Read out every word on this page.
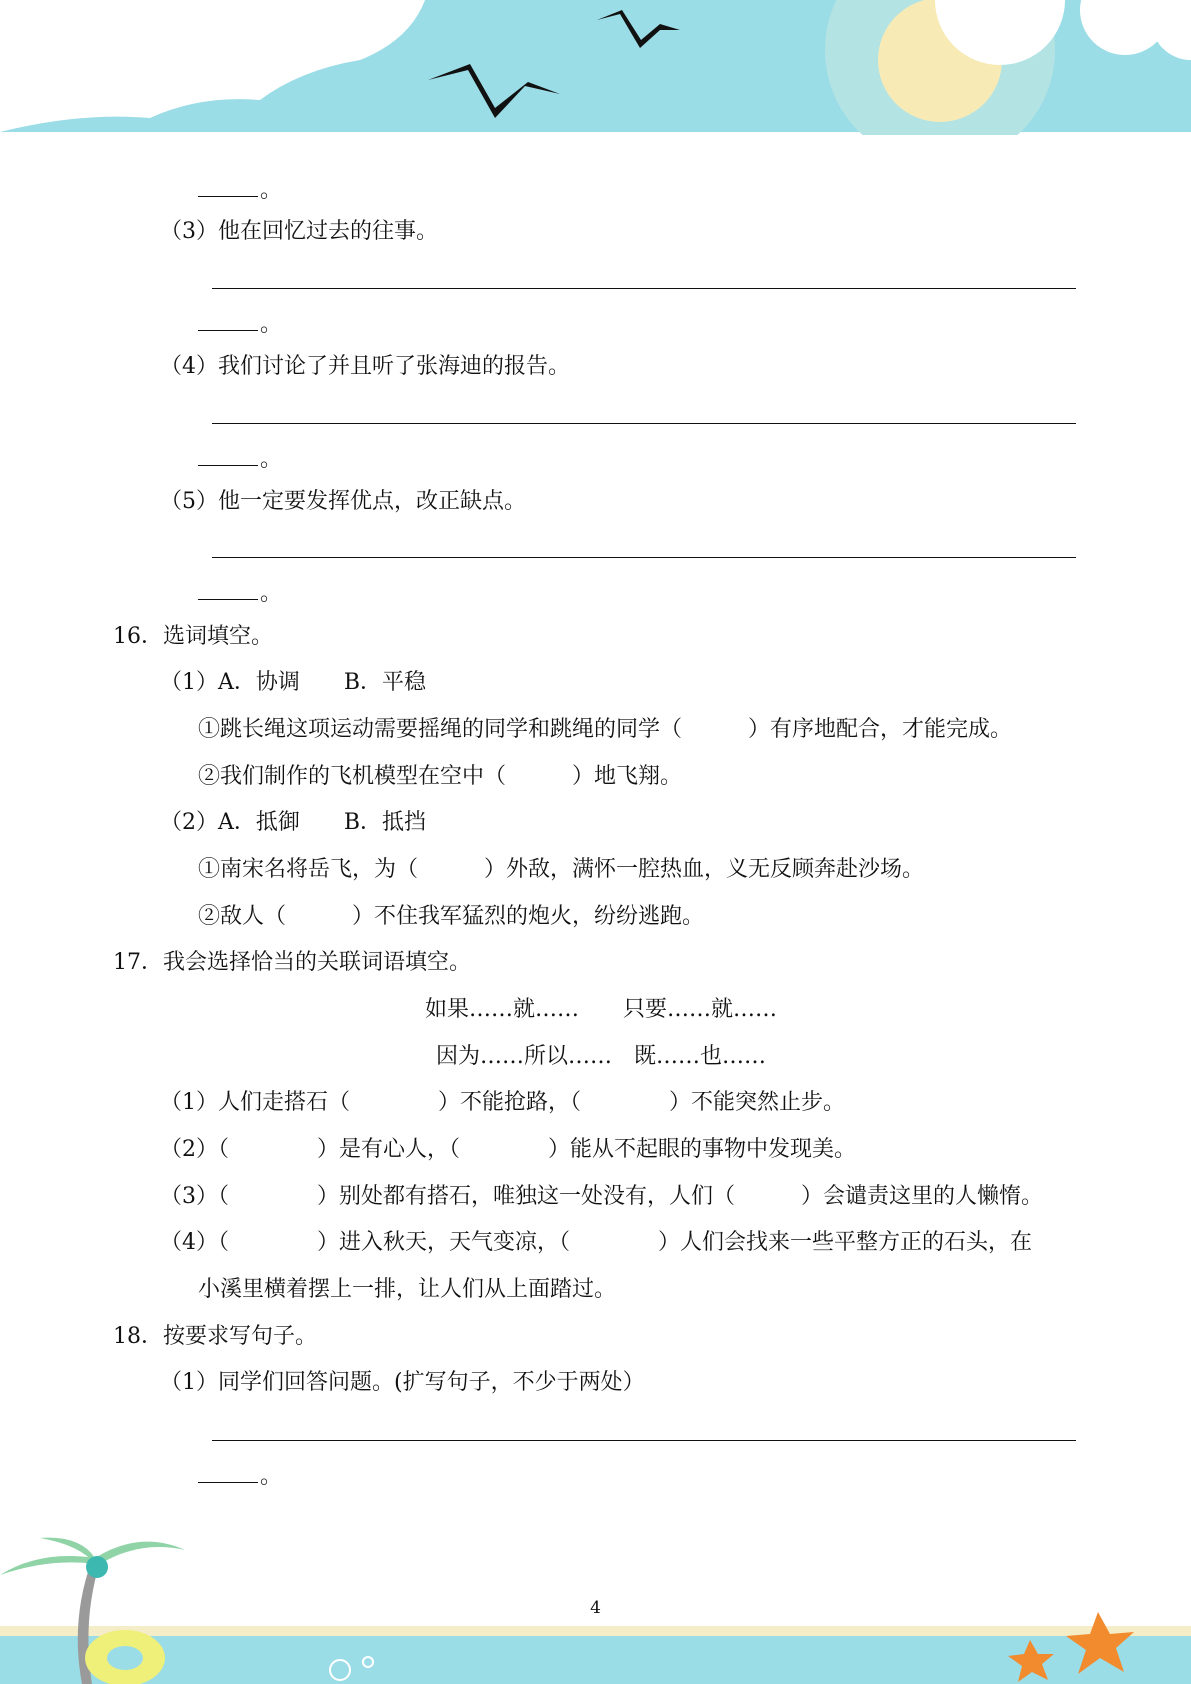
。
（3）他在回忆过去的往事。
。
（4）我们讨论了并且听了张海迪的报告。
。
（5）他一定要发挥优点，改正缺点。
。
16．选词填空。
（1）A．协调　　B．平稳
①跳长绳这项运动需要摇绳的同学和跳绳的同学（　　　）有序地配合，才能完成。
②我们制作的飞机模型在空中（　　　）地飞翔。
（2）A．抵御　　B．抵挡
①南宋名将岳飞，为（　　　）外敌，满怀一腔热血，义无反顾奔赴沙场。
②敌人（　　　）不住我军猛烈的炮火，纷纷逃跑。
17．我会选择恰当的关联词语填空。
如果……就……　　只要……就……
因为……所以……　既……也……
（1）人们走搭石（　　　　）不能抢路，（　　　　）不能突然止步。
（2）（　　　　）是有心人，（　　　　）能从不起眼的事物中发现美。
（3）（　　　　）别处都有搭石，唯独这一处没有，人们（　　　）会谴责这里的人懒惰。
（4）（　　　　）进入秋天，天气变凉，（　　　　）人们会找来一些平整方正的石头，在
小溪里横着摆上一排，让人们从上面踏过。
18．按要求写句子。
（1）同学们回答问题。(扩写句子，不少于两处）
。
4
